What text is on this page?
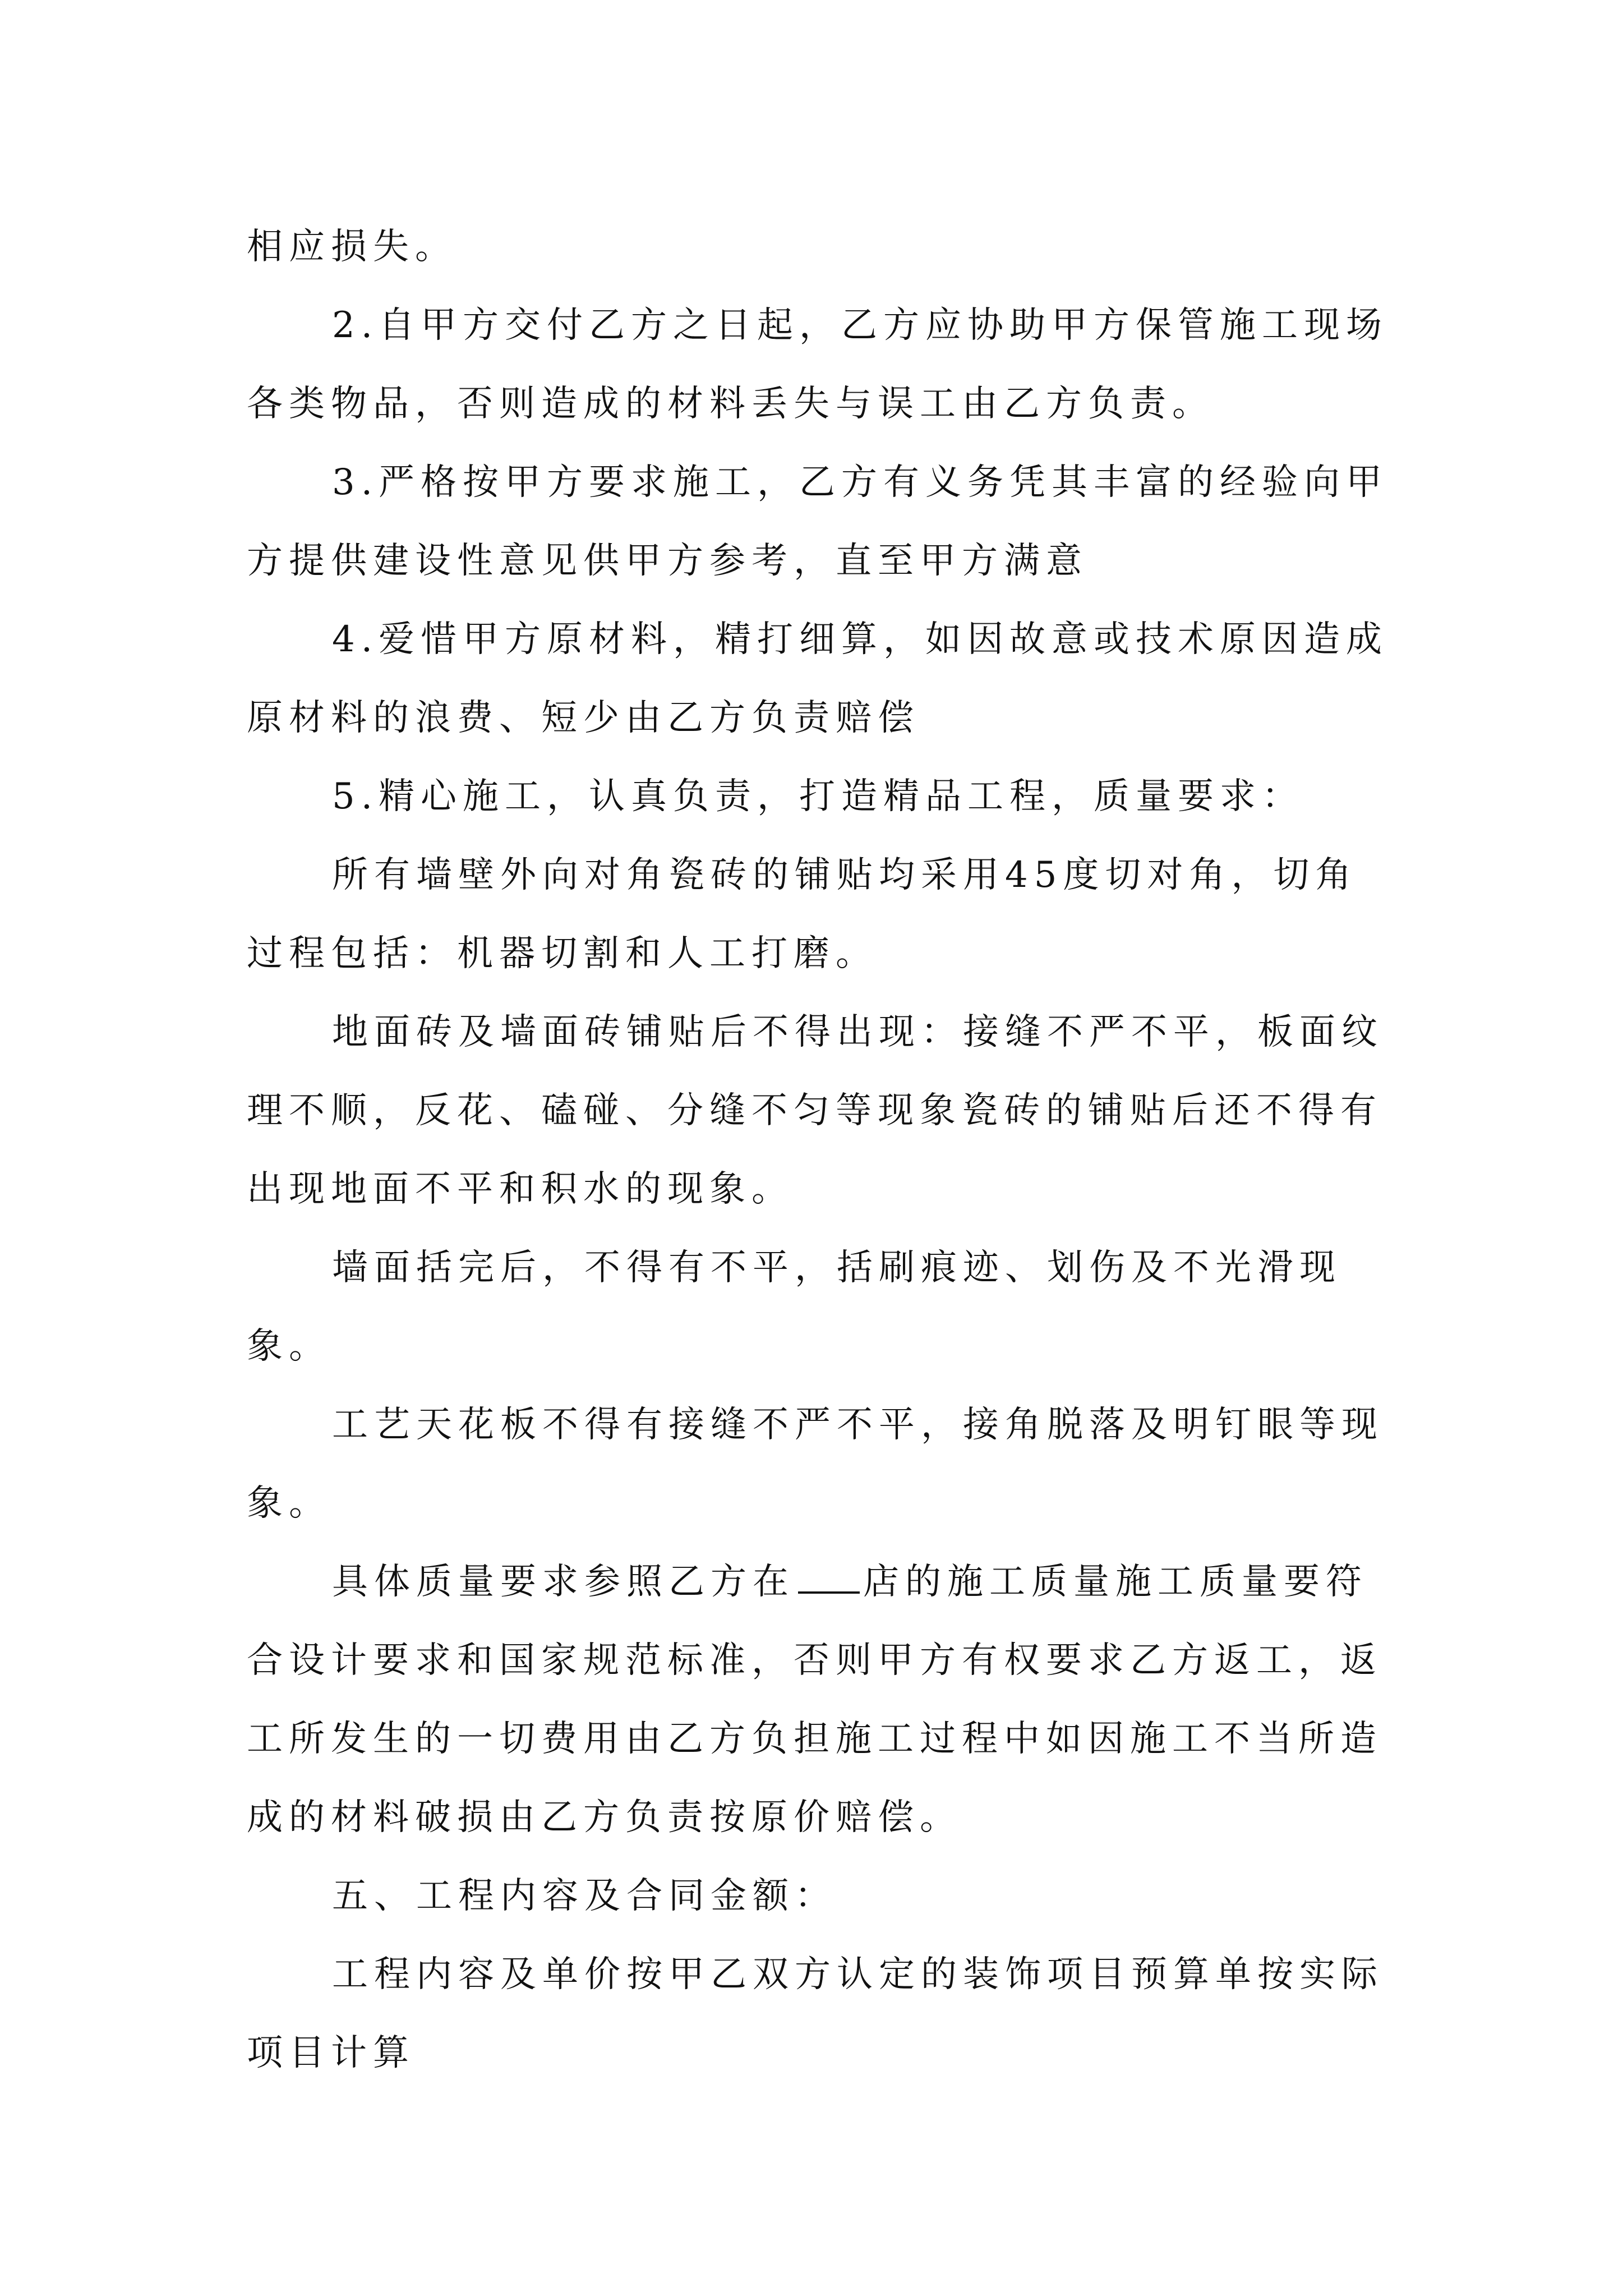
相应损失。

2.自甲方交付乙方之日起，乙方应协助甲方保管施工现场各类物品，否则造成的材料丢失与误工由乙方负责。

3.严格按甲方要求施工，乙方有义务凭其丰富的经验向甲方提供建设性意见供甲方参考，直至甲方满意

4.爱惜甲方原材料，精打细算，如因故意或技术原因造成原材料的浪费、短少由乙方负责赔偿

5.精心施工，认真负责，打造精品工程，质量要求：

所有墙壁外向对角瓷砖的铺贴均采用45度切对角，切角过程包括：机器切割和人工打磨。

地面砖及墙面砖铺贴后不得出现：接缝不严不平，板面纹理不顺，反花、磕碰、分缝不匀等现象瓷砖的铺贴后还不得有出现地面不平和积水的现象。

墙面括完后，不得有不平，括刷痕迹、划伤及不光滑现象。

工艺天花板不得有接缝不严不平，接角脱落及明钉眼等现象。

具体质量要求参照乙方在 店的施工质量施工质量要符合设计要求和国家规范标准，否则甲方有权要求乙方返工，返工所发生的一切费用由乙方负担施工过程中如因施工不当所造成的材料破损由乙方负责按原价赔偿。

五、工程内容及合同金额：

工程内容及单价按甲乙双方认定的装饰项目预算单按实际项目计算
